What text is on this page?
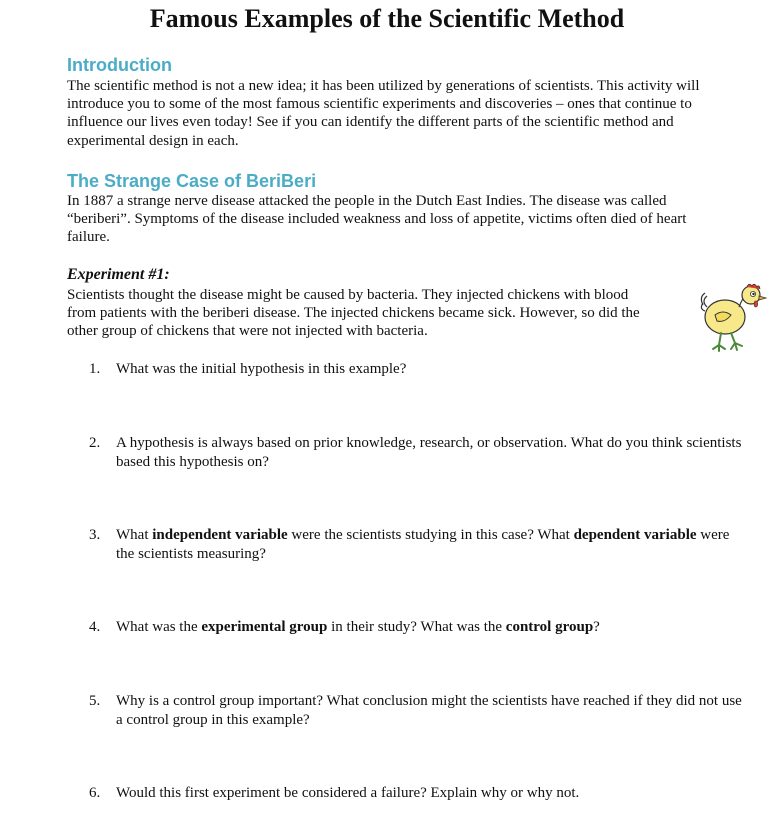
Famous Examples of the Scientific Method
Introduction
The scientific method is not a new idea; it has been utilized by generations of scientists. This activity will
introduce you to some of the most famous scientific experiments and discoveries – ones that continue to
influence our lives even today! See if you can identify the different parts of the scientific method and
experimental design in each.
The Strange Case of BeriBeri
In 1887 a strange nerve disease attacked the people in the Dutch East Indies. The disease was called
“beriberi”. Symptoms of the disease included weakness and loss of appetite, victims often died of heart
failure.
Experiment #1:
Scientists thought the disease might be caused by bacteria. They injected chickens with blood
from patients with the beriberi disease. The injected chickens became sick. However, so did the
other group of chickens that were not injected with bacteria.
1.	What was the initial hypothesis in this example?
2.	A hypothesis is always based on prior knowledge, research, or observation. What do you think scientists based this hypothesis on?
3.	What independent variable were the scientists studying in this case? What dependent variable were the scientists measuring?
4.	What was the experimental group in their study? What was the control group?
5.	Why is a control group important? What conclusion might the scientists have reached if they did not use a control group in this example?
6.	Would this first experiment be considered a failure? Explain why or why not.
